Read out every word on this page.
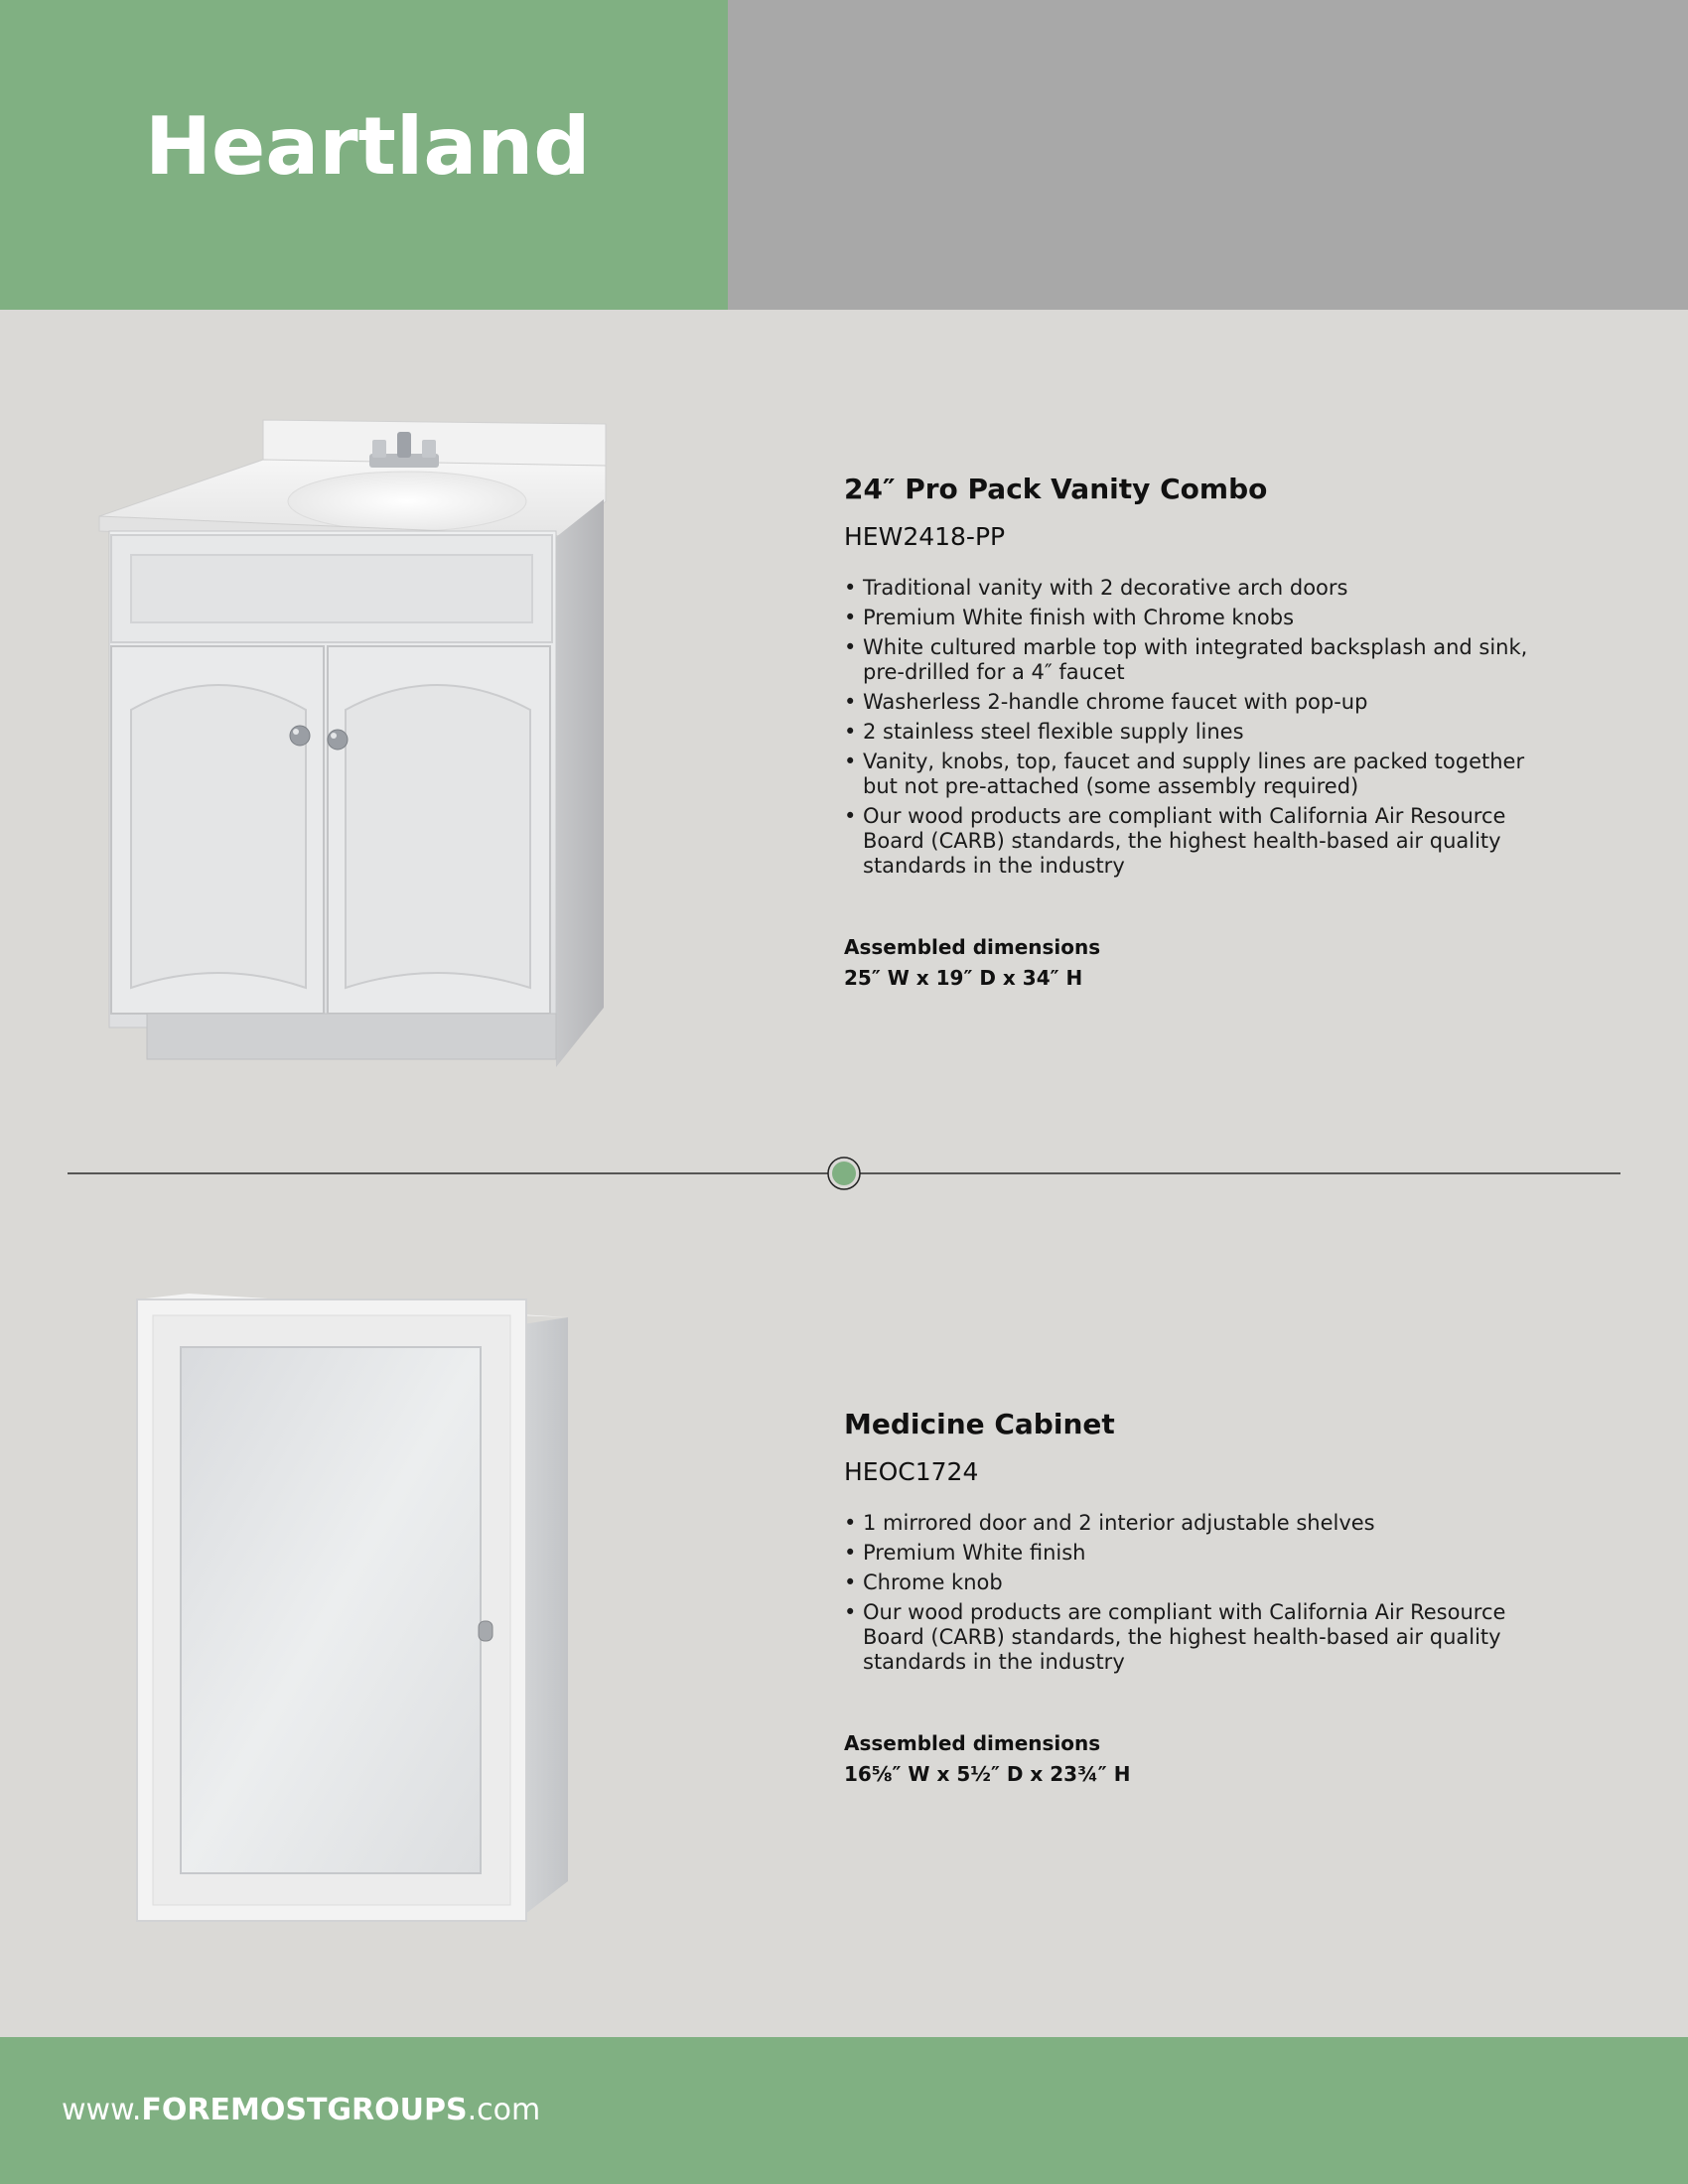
Heartland
24″ Pro Pack Vanity Combo

HEW2418-PP

• Traditional vanity with 2 decorative arch doors
• Premium White finish with Chrome knobs
• White cultured marble top with integrated backsplash and sink, pre-drilled for a 4″ faucet
• Washerless 2-handle chrome faucet with pop-up
• 2 stainless steel flexible supply lines
• Vanity, knobs, top, faucet and supply lines are packed together but not pre-attached (some assembly required)
• Our wood products are compliant with California Air Resource Board (CARB) standards, the highest health-based air quality standards in the industry

Assembled dimensions

25″ W x 19″ D x 34″ H

Medicine Cabinet

HEOC1724

• 1 mirrored door and 2 interior adjustable shelves
• Premium White finish
• Chrome knob
• Our wood products are compliant with California Air Resource Board (CARB) standards, the highest health-based air quality standards in the industry

Assembled dimensions

16⅝″ W x 5½″ D x 23¾″ H

www.FOREMOSTGROUPS.com
